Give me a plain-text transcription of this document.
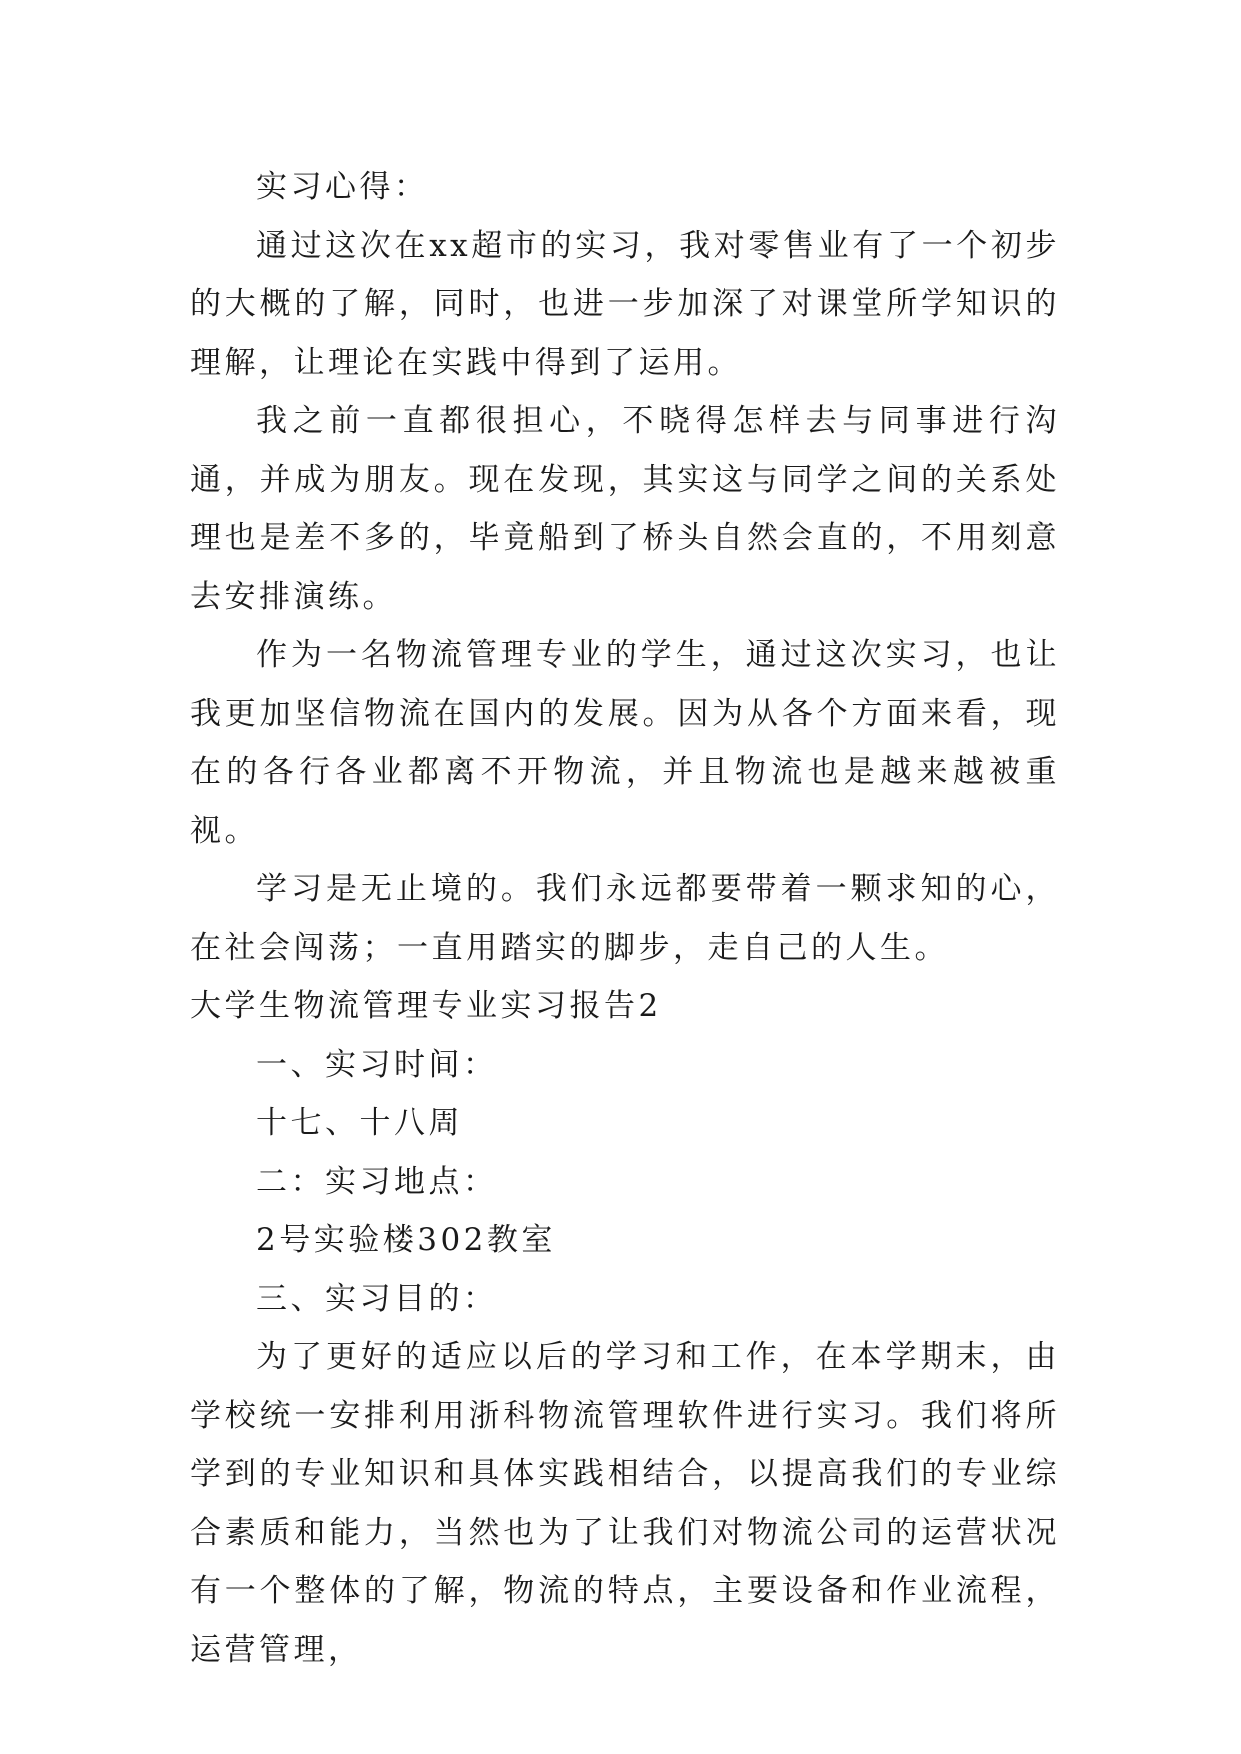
实习心得：

通过这次在xx超市的实习，我对零售业有了一个初步的大概的了解，同时，也进一步加深了对课堂所学知识的理解，让理论在实践中得到了运用。

我之前一直都很担心，不晓得怎样去与同事进行沟通，并成为朋友。现在发现，其实这与同学之间的关系处理也是差不多的，毕竟船到了桥头自然会直的，不用刻意去安排演练。

作为一名物流管理专业的学生，通过这次实习，也让我更加坚信物流在国内的发展。因为从各个方面来看，现在的各行各业都离不开物流，并且物流也是越来越被重视。

学习是无止境的。我们永远都要带着一颗求知的心，在社会闯荡；一直用踏实的脚步，走自己的人生。

大学生物流管理专业实习报告2

一、实习时间：

十七、十八周

二：实习地点：

2号实验楼302教室

三、实习目的：

为了更好的适应以后的学习和工作，在本学期末，由学校统一安排利用浙科物流管理软件进行实习。我们将所学到的专业知识和具体实践相结合，以提高我们的专业综合素质和能力，当然也为了让我们对物流公司的运营状况有一个整体的了解，物流的特点，主要设备和作业流程，运营管理，
